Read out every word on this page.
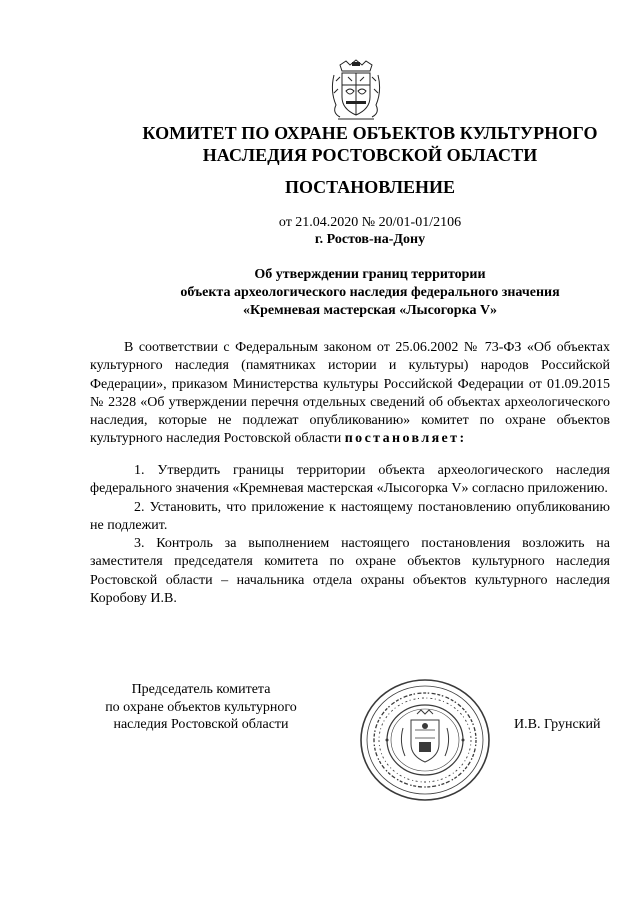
КОМИТЕТ ПО ОХРАНЕ ОБЪЕКТОВ КУЛЬТУРНОГО
НАСЛЕДИЯ РОСТОВСКОЙ ОБЛАСТИ
ПОСТАНОВЛЕНИЕ
от 21.04.2020 № 20/01-01/2106
г. Ростов-на-Дону
Об утверждении границ территории
объекта археологического наследия федерального значения
«Кремневая мастерская «Лысогорка V»
В соответствии с Федеральным законом от 25.06.2002 № 73-ФЗ «Об объектах культурного наследия (памятниках истории и культуры) народов Российской Федерации», приказом Министерства культуры Российской Федерации от 01.09.2015 № 2328 «Об утверждении перечня отдельных сведений об объектах археологического наследия, которые не подлежат опубликованию» комитет по охране объектов культурного наследия Ростовской области постановляет:

1. Утвердить границы территории объекта археологического наследия федерального значения «Кремневая мастерская «Лысогорка V» согласно приложению.

2. Установить, что приложение к настоящему постановлению опубликованию не подлежит.

3. Контроль за выполнением настоящего постановления возложить на заместителя председателя комитета по охране объектов культурного наследия Ростовской области – начальника отдела охраны объектов культурного наследия Коробову И.В.

Председатель комитета
по охране объектов культурного
наследия Ростовской области	И.В. Грунский
